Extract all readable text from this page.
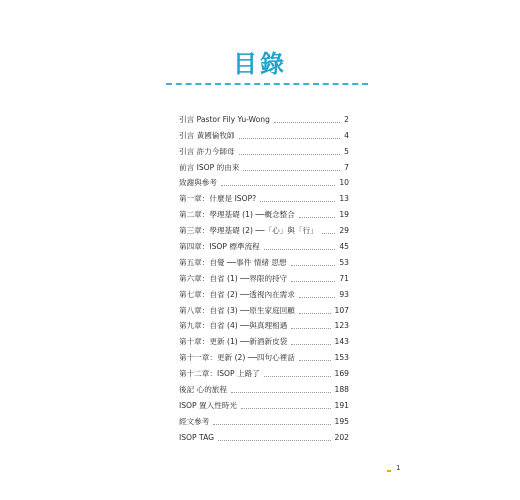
目錄
引言 Pastor Fily Yu-Wong	2
引言 黃國倫牧師	4
引言 許力今師母	5
前言 ISOP 的由來	7
致謝與參考	10
第一章：什麼是 ISOP?	13
第二章：學理基礎 (1) ──概念整合	19
第三章：學理基礎 (2) ──「心」與「行」	29
第四章：ISOP 標準流程	45
第五章：自覺 ──事件 情緒 思想	53
第六章：自省 (1) ──界限的持守	71
第七章：自省 (2) ──透視內在需求	93
第八章：自省 (3) ──原生家庭回顧	107
第九章：自省 (4) ──與真理相遇	123
第十章：更新 (1) ──新酒新皮袋	143
第十一章：更新 (2) ──四句心裡話	153
第十二章：ISOP 上路了	169
後記 心的旅程	188
ISOP 置入性時光	191
經文參考	195
ISOP TAG	202
1
